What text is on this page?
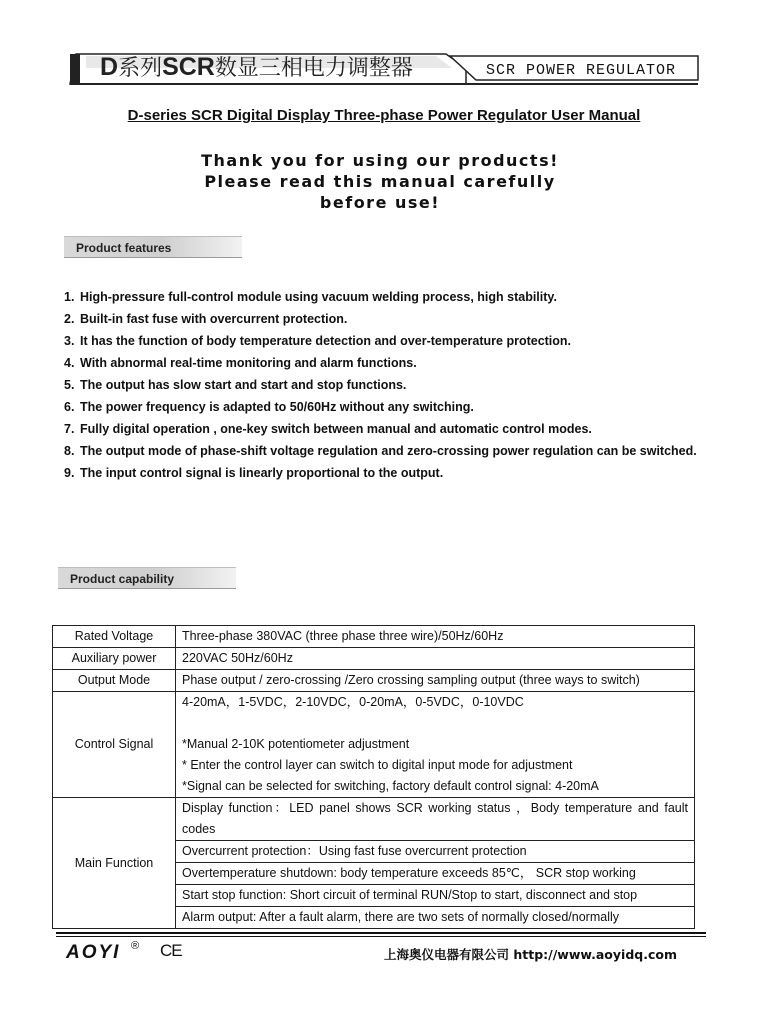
D系列SCR数显三相电力调整器	SCR POWER REGULATOR
D-series SCR Digital Display Three-phase Power Regulator User Manual
Thank you for using our products!
Please read this manual carefully
before use!
Product features
1. High-pressure full-control module using vacuum welding process, high stability.
2. Built-in fast fuse with overcurrent protection.
3. It has the function of body temperature detection and over-temperature protection.
4. With abnormal real-time monitoring and alarm functions.
5. The output has slow start and start and stop functions.
6. The power frequency is adapted to 50/60Hz without any switching.
7. Fully digital operation , one-key switch between manual and automatic control modes.
8. The output mode of phase-shift voltage regulation and zero-crossing power regulation can be switched.
9. The input control signal is linearly proportional to the output.
Product capability
Rated Voltage	Three-phase 380VAC (three phase three wire)/50Hz/60Hz
Auxiliary power	220VAC 50Hz/60Hz
Output Mode	Phase output / zero-crossing /Zero crossing sampling output (three ways to switch)
Control Signal	4-20mA，1-5VDC，2-10VDC，0-20mA，0-5VDC，0-10VDC

*Manual 2-10K potentiometer adjustment
* Enter the control layer can switch to digital input mode for adjustment
*Signal can be selected for switching, factory default control signal: 4-20mA

Main Function	Display function：LED panel shows SCR working status ，Body temperature and fault codes
	Overcurrent protection：Using fast fuse overcurrent protection
	Overtemperature shutdown: body temperature exceeds 85℃， SCR stop working
	Start stop function: Short circuit of terminal RUN/Stop to start, disconnect and stop
	Alarm output: After a fault alarm, there are two sets of normally closed/normally
AOYI ® CE	上海奥仪电器有限公司 http://www.aoyidq.com
